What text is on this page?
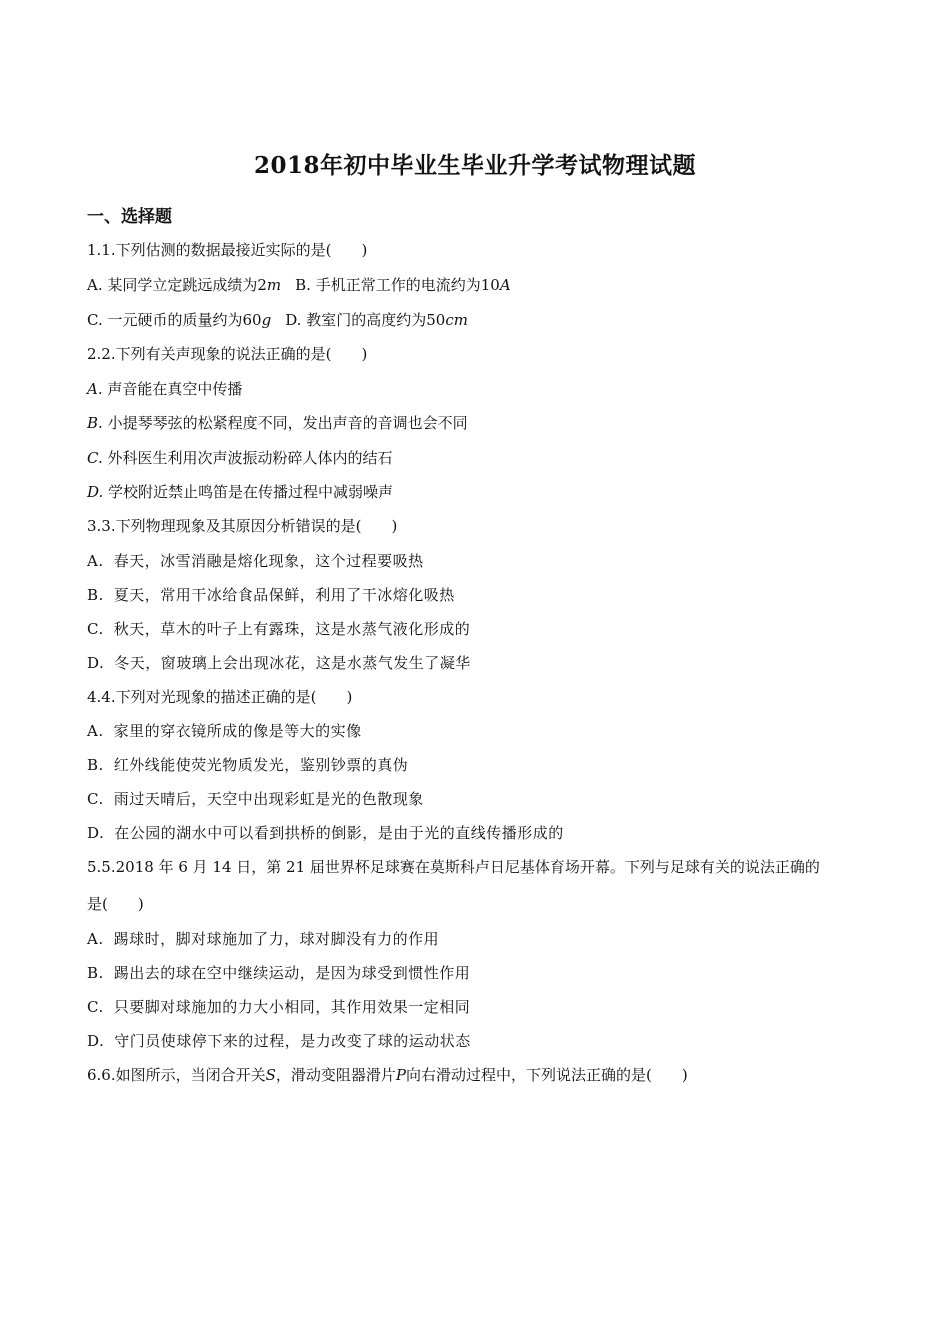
2018年初中毕业生毕业升学考试物理试题
一、选择题
1.1.下列估测的数据最接近实际的是(　　)
A. 某同学立定跳远成绩为2m B. 手机正常工作的电流约为10A
C. 一元硬币的质量约为60g D. 教室门的高度约为50cm
2.2.下列有关声现象的说法正确的是(　　)
A. 声音能在真空中传播
B. 小提琴琴弦的松紧程度不同，发出声音的音调也会不同
C. 外科医生利用次声波振动粉碎人体内的结石
D. 学校附近禁止鸣笛是在传播过程中减弱噪声
3.3.下列物理现象及其原因分析错误的是(　　)
A. 春天，冰雪消融是熔化现象，这个过程要吸热
B. 夏天，常用干冰给食品保鲜，利用了干冰熔化吸热
C. 秋天，草木的叶子上有露珠，这是水蒸气液化形成的
D. 冬天，窗玻璃上会出现冰花，这是水蒸气发生了凝华
4.4.下列对光现象的描述正确的是(　　)
A. 家里的穿衣镜所成的像是等大的实像
B. 红外线能使荧光物质发光，鉴别钞票的真伪
C. 雨过天晴后，天空中出现彩虹是光的色散现象
D. 在公园的湖水中可以看到拱桥的倒影，是由于光的直线传播形成的
5.5.2018 年 6 月 14 日，第 21 届世界杯足球赛在莫斯科卢日尼基体育场开幕。下列与足球有关的说法正确的
是(　　)
A. 踢球时，脚对球施加了力，球对脚没有力的作用
B. 踢出去的球在空中继续运动，是因为球受到惯性作用
C. 只要脚对球施加的力大小相同，其作用效果一定相同
D. 守门员使球停下来的过程，是力改变了球的运动状态
6.6.如图所示，当闭合开关S，滑动变阻器滑片P向右滑动过程中，下列说法正确的是(　　)
